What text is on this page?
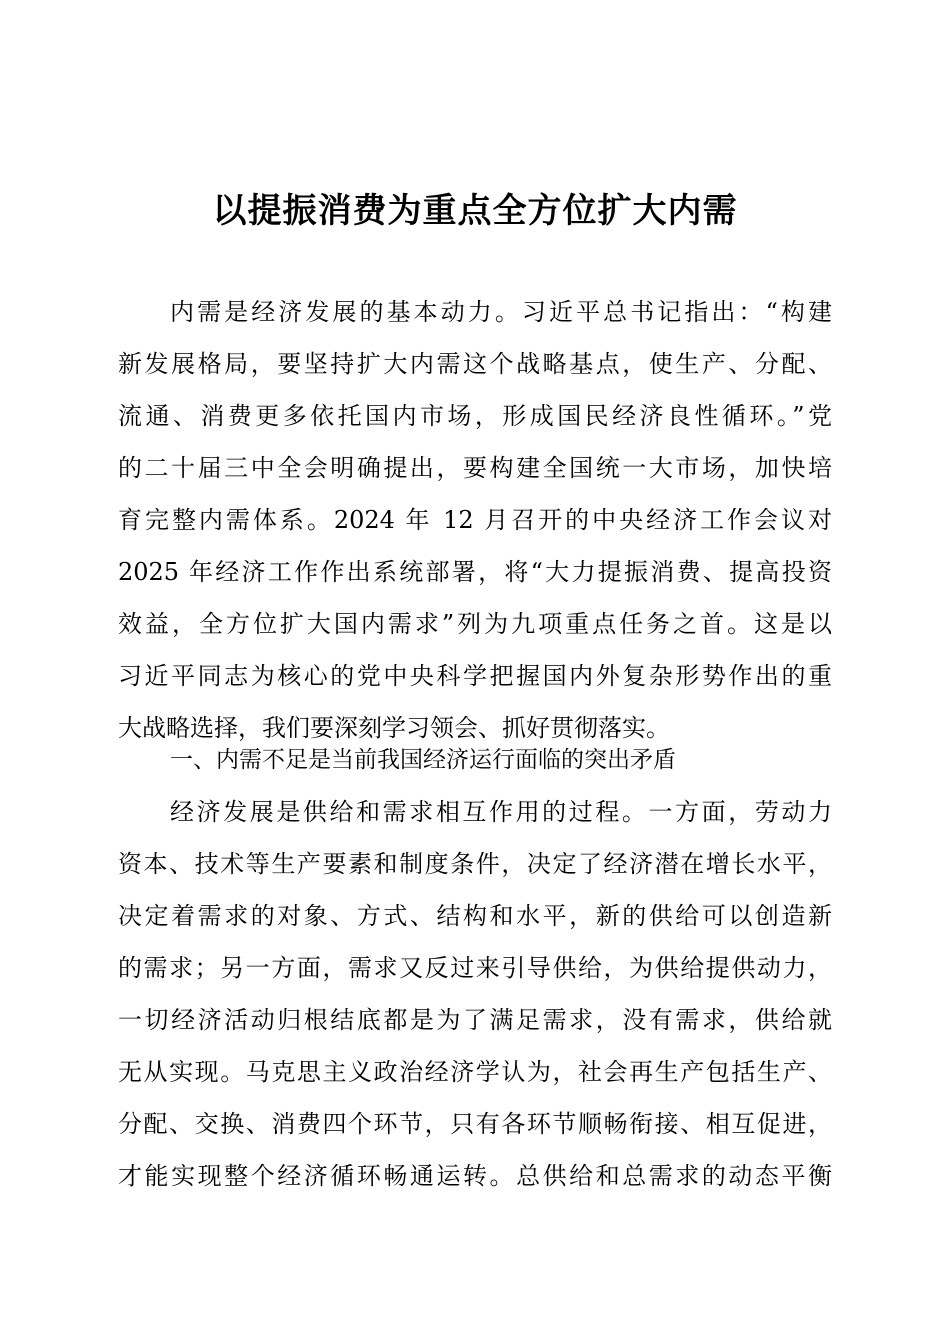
以提振消费为重点全方位扩大内需
内需是经济发展的基本动力。习近平总书记指出：“构建
新发展格局，要坚持扩大内需这个战略基点，使生产、分配、
流通、消费更多依托国内市场，形成国民经济良性循环。”党
的二十届三中全会明确提出，要构建全国统一大市场，加快培
育完整内需体系。2024 年 12 月召开的中央经济工作会议对
2025 年经济工作作出系统部署，将“大力提振消费、提高投资
效益，全方位扩大国内需求”列为九项重点任务之首。这是以
习近平同志为核心的党中央科学把握国内外复杂形势作出的重
大战略选择，我们要深刻学习领会、抓好贯彻落实。
一、内需不足是当前我国经济运行面临的突出矛盾
经济发展是供给和需求相互作用的过程。一方面，劳动力
资本、技术等生产要素和制度条件，决定了经济潜在增长水平，
决定着需求的对象、方式、结构和水平，新的供给可以创造新
的需求；另一方面，需求又反过来引导供给，为供给提供动力，
一切经济活动归根结底都是为了满足需求，没有需求，供给就
无从实现。马克思主义政治经济学认为，社会再生产包括生产、
分配、交换、消费四个环节，只有各环节顺畅衔接、相互促进，
才能实现整个经济循环畅通运转。总供给和总需求的动态平衡
